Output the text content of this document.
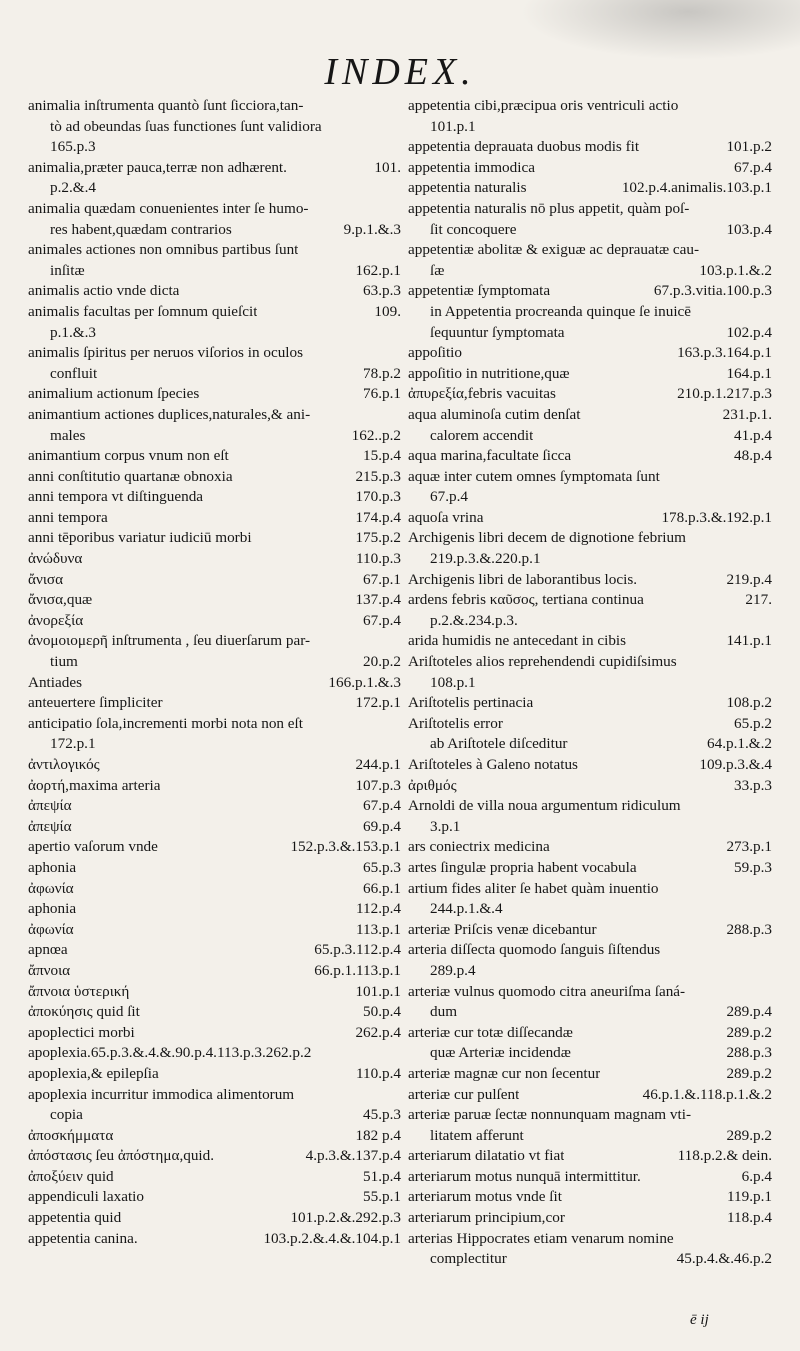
INDEX.
animalia inſtrumenta quantò ſunt ſicciora,tan-
tò ad obeundas ſuas functiones ſunt validiora
165.p.3
animalia,præter pauca,terræ non adhærent.	101.
p.2.&.4
animalia quædam conuenientes inter ſe humo-
res habent,quædam contrarios	9.p.1.&.3
animales actiones non omnibus partibus ſunt
inſitæ	162.p.1
animalis actio vnde dicta	63.p.3
animalis facultas per ſomnum quieſcit	109.
p.1.&.3
animalis ſpiritus per neruos viſorios in oculos
confluit	78.p.2
animalium actionum ſpecies	76.p.1
animantium actiones duplices,naturales,& ani-
males	162..p.2
animantium corpus vnum non eſt	15.p.4
anni conſtitutio quartanæ obnoxia	215.p.3
anni tempora vt diſtinguenda	170.p.3
anni tempora	174.p.4
anni tēporibus variatur iudiciū morbi	175.p.2
ἀνώδυνα	110.p.3
ἄνισα	67.p.1
ἄνισα,quæ	137.p.4
ἀνορεξία	67.p.4
ἀνομοιομερῆ inſtrumenta , ſeu diuerſarum par-
tium	20.p.2
Antiades	166.p.1.&.3
anteuertere ſimpliciter	172.p.1
anticipatio ſola,incrementi morbi nota non eſt
172.p.1
ἀντιλογικός	244.p.1
ἀορτή,maxima arteria	107.p.3
ἀπεψία	67.p.4
ἀπεψία	69.p.4
apertio vaſorum vnde	152.p.3.&.153.p.1
aphonia	65.p.3
ἀφωνία	66.p.1
aphonia	112.p.4
ἀφωνία	113.p.1
apnœa	65.p.3.112.p.4
ἄπνοια	66.p.1.113.p.1
ἄπνοια ὑστερική	101.p.1
ἀποκύησις quid ſit	50.p.4
apoplectici morbi	262.p.4
apoplexia.65.p.3.&.4.&.90.p.4.113.p.3.262.p.2
apoplexia,& epilepſia	110.p.4
apoplexia incurritur immodica alimentorum
copia	45.p.3
ἀποσκήμματα	182 p.4
ἀπόστασις ſeu ἀπόστημα,quid.	4.p.3.&.137.p.4
ἀποξύειν quid	51.p.4
appendiculi laxatio	55.p.1
appetentia quid	101.p.2.&.292.p.3
appetentia canina.	103.p.2.&.4.&.104.p.1
appetentia cibi,præcipua oris ventriculi actio
101.p.1
appetentia deprauata duobus modis fit	101.p.2
appetentia immodica	67.p.4
appetentia naturalis	102.p.4.animalis.103.p.1
appetentia naturalis nō plus appetit, quàm poſ-
ſit concoquere	103.p.4
appetentiæ abolitæ & exiguæ ac deprauatæ cau-
ſæ	103.p.1.&.2
appetentiæ ſymptomata	67.p.3.vitia.100.p.3
in Appetentia procreanda quinque ſe inuicē
ſequuntur ſymptomata	102.p.4
appoſitio	163.p.3.164.p.1
appoſitio in nutritione,quæ	164.p.1
ἀπυρεξία,febris vacuitas	210.p.1.217.p.3
aqua aluminoſa cutim denſat	231.p.1.
calorem accendit	41.p.4
aqua marina,facultate ſicca	48.p.4
aquæ inter cutem omnes ſymptomata ſunt
67.p.4
aquoſa vrina	178.p.3.&.192.p.1
Archigenis libri decem de dignotione febrium
219.p.3.&.220.p.1
Archigenis libri de laborantibus locis.	219.p.4
ardens febris καῦσος, tertiana continua	217.
p.2.&.234.p.3.
arida humidis ne antecedant in cibis	141.p.1
Ariſtoteles alios reprehendendi cupidiſsimus
108.p.1
Ariſtotelis pertinacia	108.p.2
Ariſtotelis error	65.p.2
ab Ariſtotele diſceditur	64.p.1.&.2
Ariſtoteles à Galeno notatus	109.p.3.&.4
ἀριθμός	33.p.3
Arnoldi de villa noua argumentum ridiculum
3.p.1
ars coniectrix medicina	273.p.1
artes ſingulæ propria habent vocabula	59.p.3
artium fides aliter ſe habet quàm inuentio
244.p.1.&.4
arteriæ Priſcis venæ dicebantur	288.p.3
arteria diſſecta quomodo ſanguis ſiſtendus
289.p.4
arteriæ vulnus quomodo citra aneuriſma ſaná-
dum	289.p.4
arteriæ cur totæ diſſecandæ	289.p.2
quæ Arteriæ incidendæ	288.p.3
arteriæ magnæ cur non ſecentur	289.p.2
arteriæ cur pulſent	46.p.1.&.118.p.1.&.2
arteriæ paruæ ſectæ nonnunquam magnam vti-
litatem afferunt	289.p.2
arteriarum dilatatio vt fiat	118.p.2.& dein.
arteriarum motus nunquā intermittitur.	6.p.4
arteriarum motus vnde ſit	119.p.1
arteriarum principium,cor	118.p.4
arterias Hippocrates etiam venarum nomine
complectitur	45.p.4.&.46.p.2
ē ij
